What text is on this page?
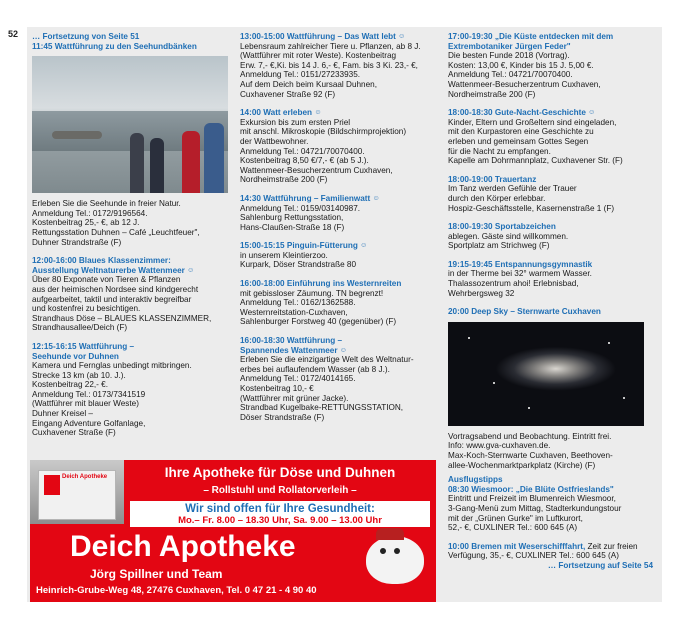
52 … Fortsetzung von Seite 51
11:45 Wattführung zu den Seehundbänken
Erleben Sie die Seehunde in freier Natur.
Anmeldung Tel.: 0172/9196564.
Kostenbeitrag 25,- €, ab 12 J.
Rettungsstation Duhnen – Café „Leuchtfeuer",
Duhner Strandstraße (F)
12:00-16:00 Blaues Klassenzimmer:
Ausstellung Weltnaturerbe Wattenmeer ☺
Über 80 Exponate von Tieren & Pflanzen
aus der heimischen Nordsee sind kindgerecht
aufgearbeitet, taktil und interaktiv begreifbar
und kostenfrei zu besichtigen.
Strandhaus Döse – BLAUES KLASSENZIMMER,
Strandhausallee/Deich (F)
12:15-16:15 Wattführung –
Seehunde vor Duhnen
Kamera und Fernglas unbedingt mitbringen.
Strecke 13 km (ab 10. J.).
Kostenbeitrag 22,- €.
Anmeldung Tel.: 0173/7341519
(Wattführer mit blauer Weste)
Duhner Kreisel –
Eingang Adventure Golfanlage,
Cuxhavener Straße (F)
13:00-15:00 Wattführung – Das Watt lebt ☺
Lebensraum zahlreicher Tiere u. Pflanzen, ab 8 J.
(Wattführer mit roter Weste). Kostenbeitrag
Erw. 7,- €,Ki. bis 14 J. 6,- €, Fam. bis 3 Ki. 23,- €,
Anmeldung Tel.: 0151/27233935.
Auf dem Deich beim Kursaal Duhnen,
Cuxhavener Straße 92 (F)
14:00 Watt erleben ☺
Exkursion bis zum ersten Priel
mit anschl. Mikroskopie (Bildschirmprojektion)
der Wattbewohner.
Anmeldung Tel.: 04721/70070400.
Kostenbeitrag 8,50 €/7,- € (ab 5 J.).
Wattenmeer-Besucherzentrum Cuxhaven,
Nordheimstraße 200 (F)
14:30 Wattführung – Familienwatt ☺
Anmeldung Tel.: 0159/03140987.
Sahlenburg Rettungsstation,
Hans-Claußen-Straße 18 (F)
15:00-15:15 Pinguin-Fütterung ☺
in unserem Kleintierzoo.
Kurpark, Döser Strandstraße 80
16:00-18:00 Einführung ins Westernreiten
mit gebissloser Zäumung. TN begrenzt!
Anmeldung Tel.: 0162/1362588.
Westernreitstation-Cuxhaven,
Sahlenburger Forstweg 40 (gegenüber) (F)
16:00-18:30 Wattführung –
Spannendes Wattenmeer ☺
Erleben Sie die einzigartige Welt des Weltnatur-
erbes bei auflaufendem Wasser (ab 8 J.).
Anmeldung Tel.: 0172/4014165.
Kostenbeitrag 10,- €
(Wattführer mit grüner Jacke).
Strandbad Kugelbake-RETTUNGSSTATION,
Döser Strandstraße (F)
17:00-19:30 „Die Küste entdecken mit dem
Extrembotaniker Jürgen Feder"
Die besten Funde 2018 (Vortrag).
Kosten: 13,00 €, Kinder bis 15 J. 5,00 €.
Anmeldung Tel.: 04721/70070400.
Wattenmeer-Besucherzentrum Cuxhaven,
Nordheimstraße 200 (F)
18:00-18:30 Gute-Nacht-Geschichte ☺
Kinder, Eltern und Großeltern sind eingeladen,
mit den Kurpastoren eine Geschichte zu
erleben und gemeinsam Gottes Segen
für die Nacht zu empfangen.
Kapelle am Dohrmannplatz, Cuxhavener Str. (F)
18:00-19:00 Trauertanz
Im Tanz werden Gefühle der Trauer
durch den Körper erlebbar.
Hospiz-Geschäftsstelle, Kasernenstraße 1 (F)
18:00-19:30 Sportabzeichen
ablegen. Gäste sind willkommen.
Sportplatz am Strichweg (F)
19:15-19:45 Entspannungsgymnastik
in der Therme bei 32° warmem Wasser.
Thalassozentrum ahoi! Erlebnisbad,
Wehrbergsweg 32
20:00 Deep Sky – Sternwarte Cuxhaven
Vortragsabend und Beobachtung. Eintritt frei.
Info: www.gva-cuxhaven.de.
Max-Koch-Sternwarte Cuxhaven, Beethoven-
allee-Wochenmarktparkplatz (Kirche) (F)
Ausflugstipps
08:30 Wiesmoor: „Die Blüte Ostfrieslands"
Eintritt und Freizeit im Blumenreich Wiesmoor,
3-Gang-Menü zum Mittag, Stadterkundungstour
mit der „Grünen Gurke" im Luftkurort,
52,- €, CUXLINER Tel.: 600 645 (A)
10:00 Bremen mit Weserschifffahrt, Zeit zur freien
Verfügung, 35,- €, CUXLINER Tel.: 600 645 (A)
… Fortsetzung auf Seite 54
Deich Apotheke	Ihre Apotheke für Döse und Duhnen
– Rollstuhl und Rollatorverleih –
Wir sind offen für Ihre Gesundheit:
Mo.– Fr. 8.00 – 18.30 Uhr, Sa. 9.00 – 13.00 Uhr
Deich Apotheke
Jörg Spillner und Team
Heinrich-Grube-Weg 48, 27476 Cuxhaven, Tel. 0 47 21 - 4 90 40
